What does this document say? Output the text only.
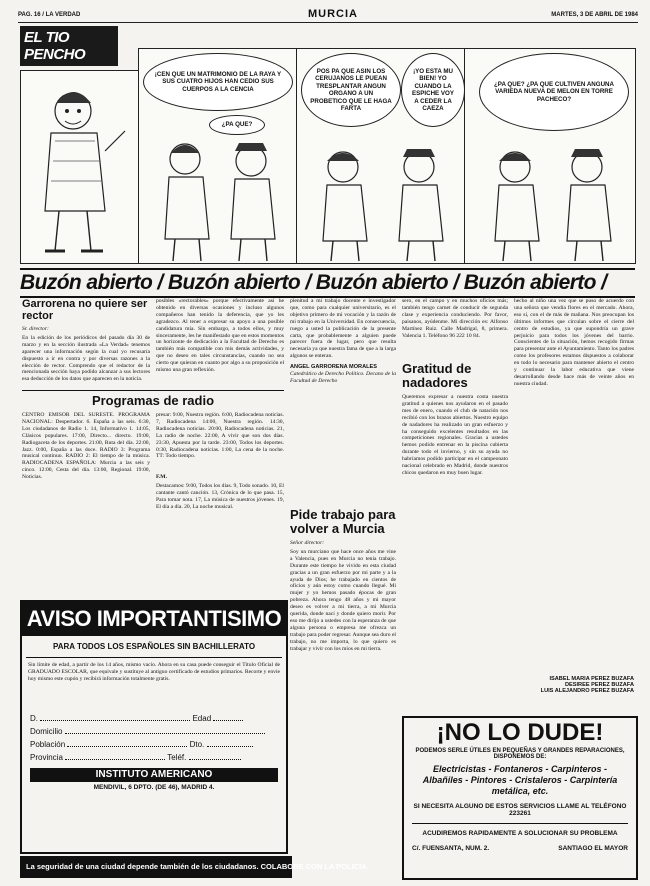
PAG. 16 / LA VERDAD	MURCIA	MARTES, 3 DE ABRIL DE 1984
EL TIO PENCHO
¡CEN QUE UN MATRIMONIO DE LA RAYA Y SUS CUATRO HIJOS HAN CEDIO SUS CUERPOS A LA CENCIA
¿PA QUE?
POS PA QUE ASIN LOS CERUJANOS LE PUEAN TRESPLANTAR ANGUN ORGANO A UN PROBETICO QUE LE HAGA FARTA
¡YO ESTA MU BIEN! YO CUANDO LA ESPICHE VOY A CEDER LA CAEZA
¿PA QUE? ¿PA QUE CULTIVEN ANGUNA VARIEDA NUEVA DE MELON EN TORRE PACHECO?
Buzón abierto / Buzón abierto / Buzón abierto / Buzón abierto /
Garrorena no quiere ser rector
Sr. director:
En la edición de los periódicos del pasado día 30 de marzo y en la sección ilustrada «La Verdad» tenemos aparecer una información según la cual yo recusaría dispuesto a ir en contra y por diversas razones a la elección de rector. Comprendo que el redactor de la mencionada sección haya podido alcanzar a sus lectores esa deducción de los datos que aparecen en la noticia.
posibles «rectorables» porque efectivamente así he obtenido en diversas ocasiones y incluso algunos compañeros han tenido la deferencia, que yo les agradezco. Al tener a expresar su apoyo a una posible candidatura mía. Sin embargo, a todos ellos, y muy sinceramente, les he manifestado que en estos momentos un horizonte de dedicación a la Facultad de Derecho es también más compatible con mis demás actividades, y que no deseo en tales circunstancias, cuando no sea cierto que quieran en cuanto por algo a su proposición el mismo una gran reflexión.
Programas de radio
CENTRO EMISOR DEL SURESTE. PROGRAMA NACIONAL: Despertador. 6. España a las seis. 6:30, Los ciudadanos de Radio 1. 14, Informativo 1. 14:05, Clásicos populares. 17:00, Directo... directo. 19:00, Radiogaceta de los deportes. 21:00, Ruta del día. 22:00, Jazz. 0:00, España a las doce. RADIO 3: Programa musical continuo. RADIO 2: El tiempo de la música. RADIOCADENA ESPAÑOLA: Murcia a las seis y cinco. 12:00, Cesta del día. 13:00, Regional. 19:00, Noticias.
presar: 9:00, Nuestra región. 6:00, Radiocadena noticias. 7, Radiocadena 14:00, Nuestra región. 14:30, Radiocadena noticias. 20:00, Radiocadena noticias. 21, La radio de noche. 22:00, A vivir que son dos días. 23:30, Apuesta por la tarde. 23:00, Todos los deportes. 0:30, Radiocadena noticias. 1:00, La cena de la noche. TT: Todo tiempo.
F.M.
Destacamos: 9:00, Todos los días. 9, Todo sonado. 10, El cantante cantó canción. 13, Crónica de lo que pasa. 15, Para tomar nota. 17, La música de nuestros jóvenes. 19, El día a día. 20, La noche musical.
AVISO IMPORTANTISIMO
PARA TODOS LOS ESPAÑOLES SIN BACHILLERATO
Sin límite de edad, a partir de los 14 años, mismo vacío. Ahora en su casa puede conseguir el Título Oficial de GRADUADO ESCOLAR, que equivale y sustituye al antiguo certificado de estudios primarios. Recorte y envíe hoy mismo este cupón y recibirá información totalmente gratis.
D.	Edad
Domicilio
Población	Dto.
Provincia	Teléf.
INSTITUTO AMERICANO
MENDIVIL, 6 DPTO. (DE 46), MADRID 4.
La seguridad de una ciudad depende también de los ciudadanos. COLABORE CON LA POLICIA.
plenitud a mi trabajo docente e investigador que, como para cualquier universitario, es el objetivo primero de mi vocación y la razón de mi trabajo en la Universidad. En consecuencia, ruego a usted la publicación de la presente carta, que probablemente a alguien puede parecer fuera de lugar, pero que resulta necesaria ya que nuestra fama de que a la larga algunos se enteran.
ANGEL GARRORENA MORALES
Catedrático de Derecho Político. Decano de la Facultad de Derecho
Pide trabajo para volver a Murcia
Señor director:
Soy un murciano que hace once años me vine a Valencia, pues en Murcia no tenía trabajo. Durante este tiempo he vivido en esta ciudad gracias a un gran esfuerzo por mi parte y a la ayuda de Dios; he trabajado en cientos de oficios y aún estoy como cuando llegué. Mi mujer y yo hemos pasado épocas de gran pobreza. Ahora tengo 48 años y mi mayor deseo es volver a mi tierra, a mi Murcia querida, donde nací y donde quiero morir. Por eso me dirijo a ustedes con la esperanza de que alguna persona o empresa me ofrezca un trabajo para poder regresar. Aunque sea duro el trabajo, no me importa, lo que quiero es trabajar y vivir con los míos en mi tierra.
sero, en el campo y en muchos oficios más; también tengo carnet de conducir de segunda clase y experiencia conduciendo. Por favor, paisanos, ayúdenme. Mi dirección es: Alfonso Martínez Ruiz. Calle Madrigal, 8, primera. Valencia 1. Teléfono 96 222 10 84.
Gratitud de nadadores
Queremos expresar a nuestra costa nuestra gratitud a quienes nos ayudaron en el pasado mes de enero, cuando el club de natación nos recibió con los brazos abiertos. Nuestro equipo de nadadores ha realizado un gran esfuerzo y ha conseguido excelentes resultados en las competiciones regionales. Gracias a ustedes hemos podido entrenar en la piscina cubierta durante todo el invierno, y sin su ayuda no habríamos podido participar en el campeonato nacional celebrado en Madrid, donde nuestros chicos quedaron en muy buen lugar.
hecho al niño una vez que se puso de acuerdo con una señora que vendía flores en el mercado. Ahora, eso sí, con el de más de mañana. Nos preocupan los últimos informes que circulan sobre el cierre del centro de estudios, ya que supondría un grave perjuicio para todos los jóvenes del barrio. Conscientes de la situación, hemos recogido firmas para presentar ante el Ayuntamiento. Tanto los padres como los profesores estamos dispuestos a colaborar en todo lo necesario para mantener abierto el centro y continuar la labor educativa que viene desarrollando desde hace más de veinte años en nuestra ciudad.
ISABEL MARIA PEREZ BUZAFA
DESIREE PEREZ BUZAFA
LUIS ALEJANDRO PEREZ BUZAFA
¡NO LO DUDE!
PODEMOS SERLE ÚTILES EN PEQUEÑAS Y GRANDES REPARACIONES, DISPONEMOS DE:
Electricistas - Fontaneros - Carpinteros - Albañiles - Pintores - Cristaleros - Carpintería metálica, etc.
SI NECESITA ALGUNO DE ESTOS SERVICIOS LLAME AL TELÉFONO 223261
ACUDIREMOS RAPIDAMENTE A SOLUCIONAR SU PROBLEMA
C/. FUENSANTA, NUM. 2.	SANTIAGO EL MAYOR
